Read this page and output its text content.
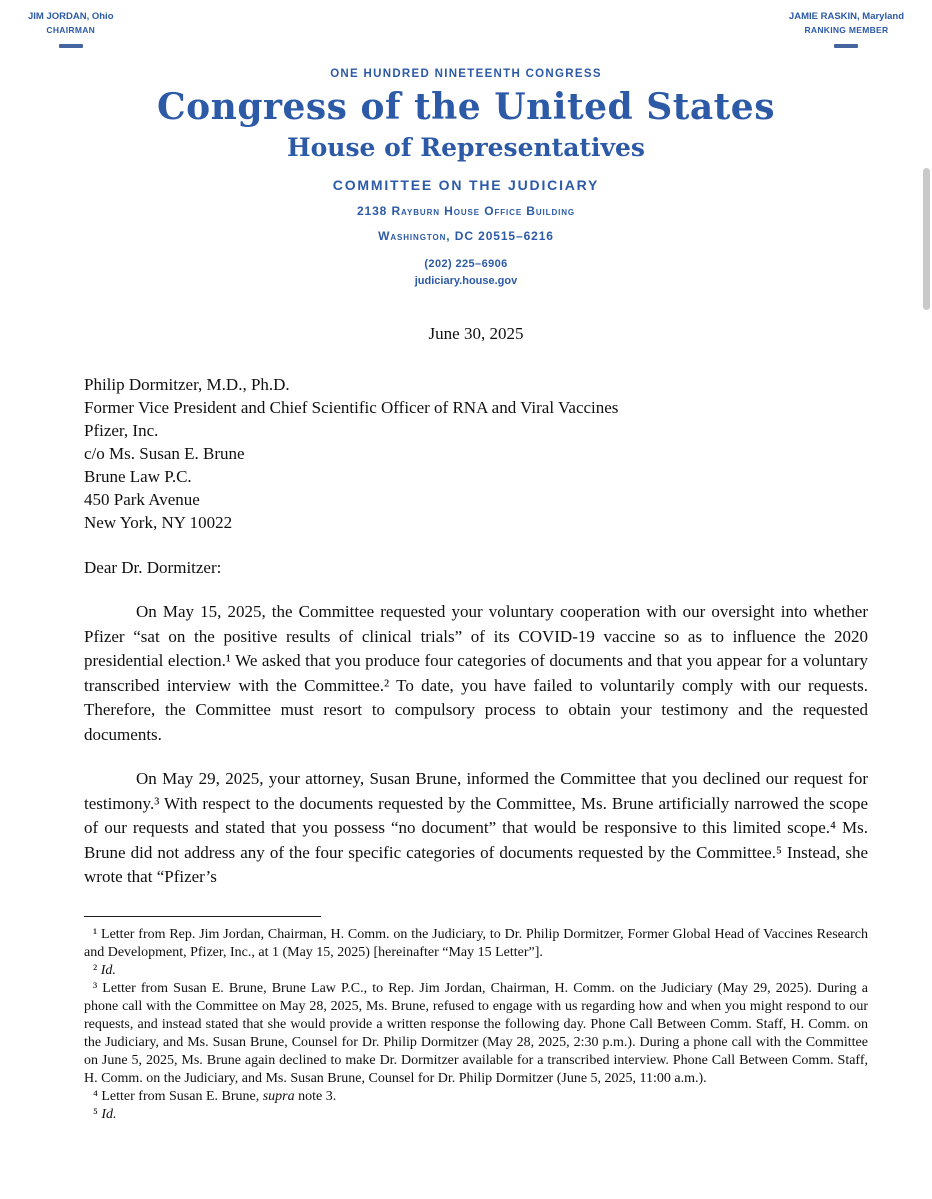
JIM JORDAN, Ohio
CHAIRMAN
JAMIE RASKIN, Maryland
RANKING MEMBER
ONE HUNDRED NINETEENTH CONGRESS
Congress of the United States
House of Representatives
COMMITTEE ON THE JUDICIARY
2138 Rayburn House Office Building
Washington, DC 20515–6216
(202) 225–6906
judiciary.house.gov
June 30, 2025
Philip Dormitzer, M.D., Ph.D.
Former Vice President and Chief Scientific Officer of RNA and Viral Vaccines
Pfizer, Inc.
c/o Ms. Susan E. Brune
Brune Law P.C.
450 Park Avenue
New York, NY 10022
Dear Dr. Dormitzer:

On May 15, 2025, the Committee requested your voluntary cooperation with our oversight into whether Pfizer “sat on the positive results of clinical trials” of its COVID-19 vaccine so as to influence the 2020 presidential election.¹ We asked that you produce four categories of documents and that you appear for a voluntary transcribed interview with the Committee.² To date, you have failed to voluntarily comply with our requests. Therefore, the Committee must resort to compulsory process to obtain your testimony and the requested documents.

On May 29, 2025, your attorney, Susan Brune, informed the Committee that you declined our request for testimony.³ With respect to the documents requested by the Committee, Ms. Brune artificially narrowed the scope of our requests and stated that you possess “no document” that would be responsive to this limited scope.⁴ Ms. Brune did not address any of the four specific categories of documents requested by the Committee.⁵ Instead, she wrote that “Pfizer’s

¹ Letter from Rep. Jim Jordan, Chairman, H. Comm. on the Judiciary, to Dr. Philip Dormitzer, Former Global Head of Vaccines Research and Development, Pfizer, Inc., at 1 (May 15, 2025) [hereinafter “May 15 Letter”].
² Id.
³ Letter from Susan E. Brune, Brune Law P.C., to Rep. Jim Jordan, Chairman, H. Comm. on the Judiciary (May 29, 2025). During a phone call with the Committee on May 28, 2025, Ms. Brune, refused to engage with us regarding how and when you might respond to our requests, and instead stated that she would provide a written response the following day. Phone Call Between Comm. Staff, H. Comm. on the Judiciary, and Ms. Susan Brune, Counsel for Dr. Philip Dormitzer (May 28, 2025, 2:30 p.m.). During a phone call with the Committee on June 5, 2025, Ms. Brune again declined to make Dr. Dormitzer available for a transcribed interview. Phone Call Between Comm. Staff, H. Comm. on the Judiciary, and Ms. Susan Brune, Counsel for Dr. Philip Dormitzer (June 5, 2025, 11:00 a.m.).
⁴ Letter from Susan E. Brune, supra note 3.
⁵ Id.
